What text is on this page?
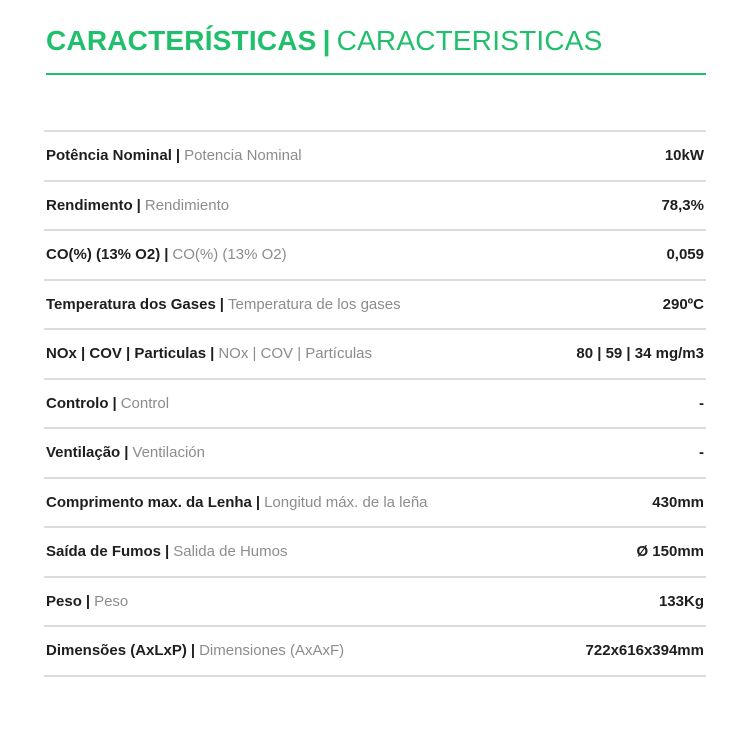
CARACTERÍSTICAS | CARACTERISTICAS
Potência Nominal | Potencia Nominal	10kW
Rendimento | Rendimiento	78,3%
CO(%) (13% O2) | CO(%) (13% O2)	0,059
Temperatura dos Gases | Temperatura de los gases	290ºC
NOx | COV | Particulas | NOx | COV | Partículas	80 | 59 | 34 mg/m3
Controlo | Control	-
Ventilação | Ventilación	-
Comprimento max. da Lenha | Longitud máx. de la leña	430mm
Saída de Fumos | Salida de Humos	Ø 150mm
Peso | Peso	133Kg
Dimensões (AxLxP) | Dimensiones (AxAxF)	722x616x394mm
